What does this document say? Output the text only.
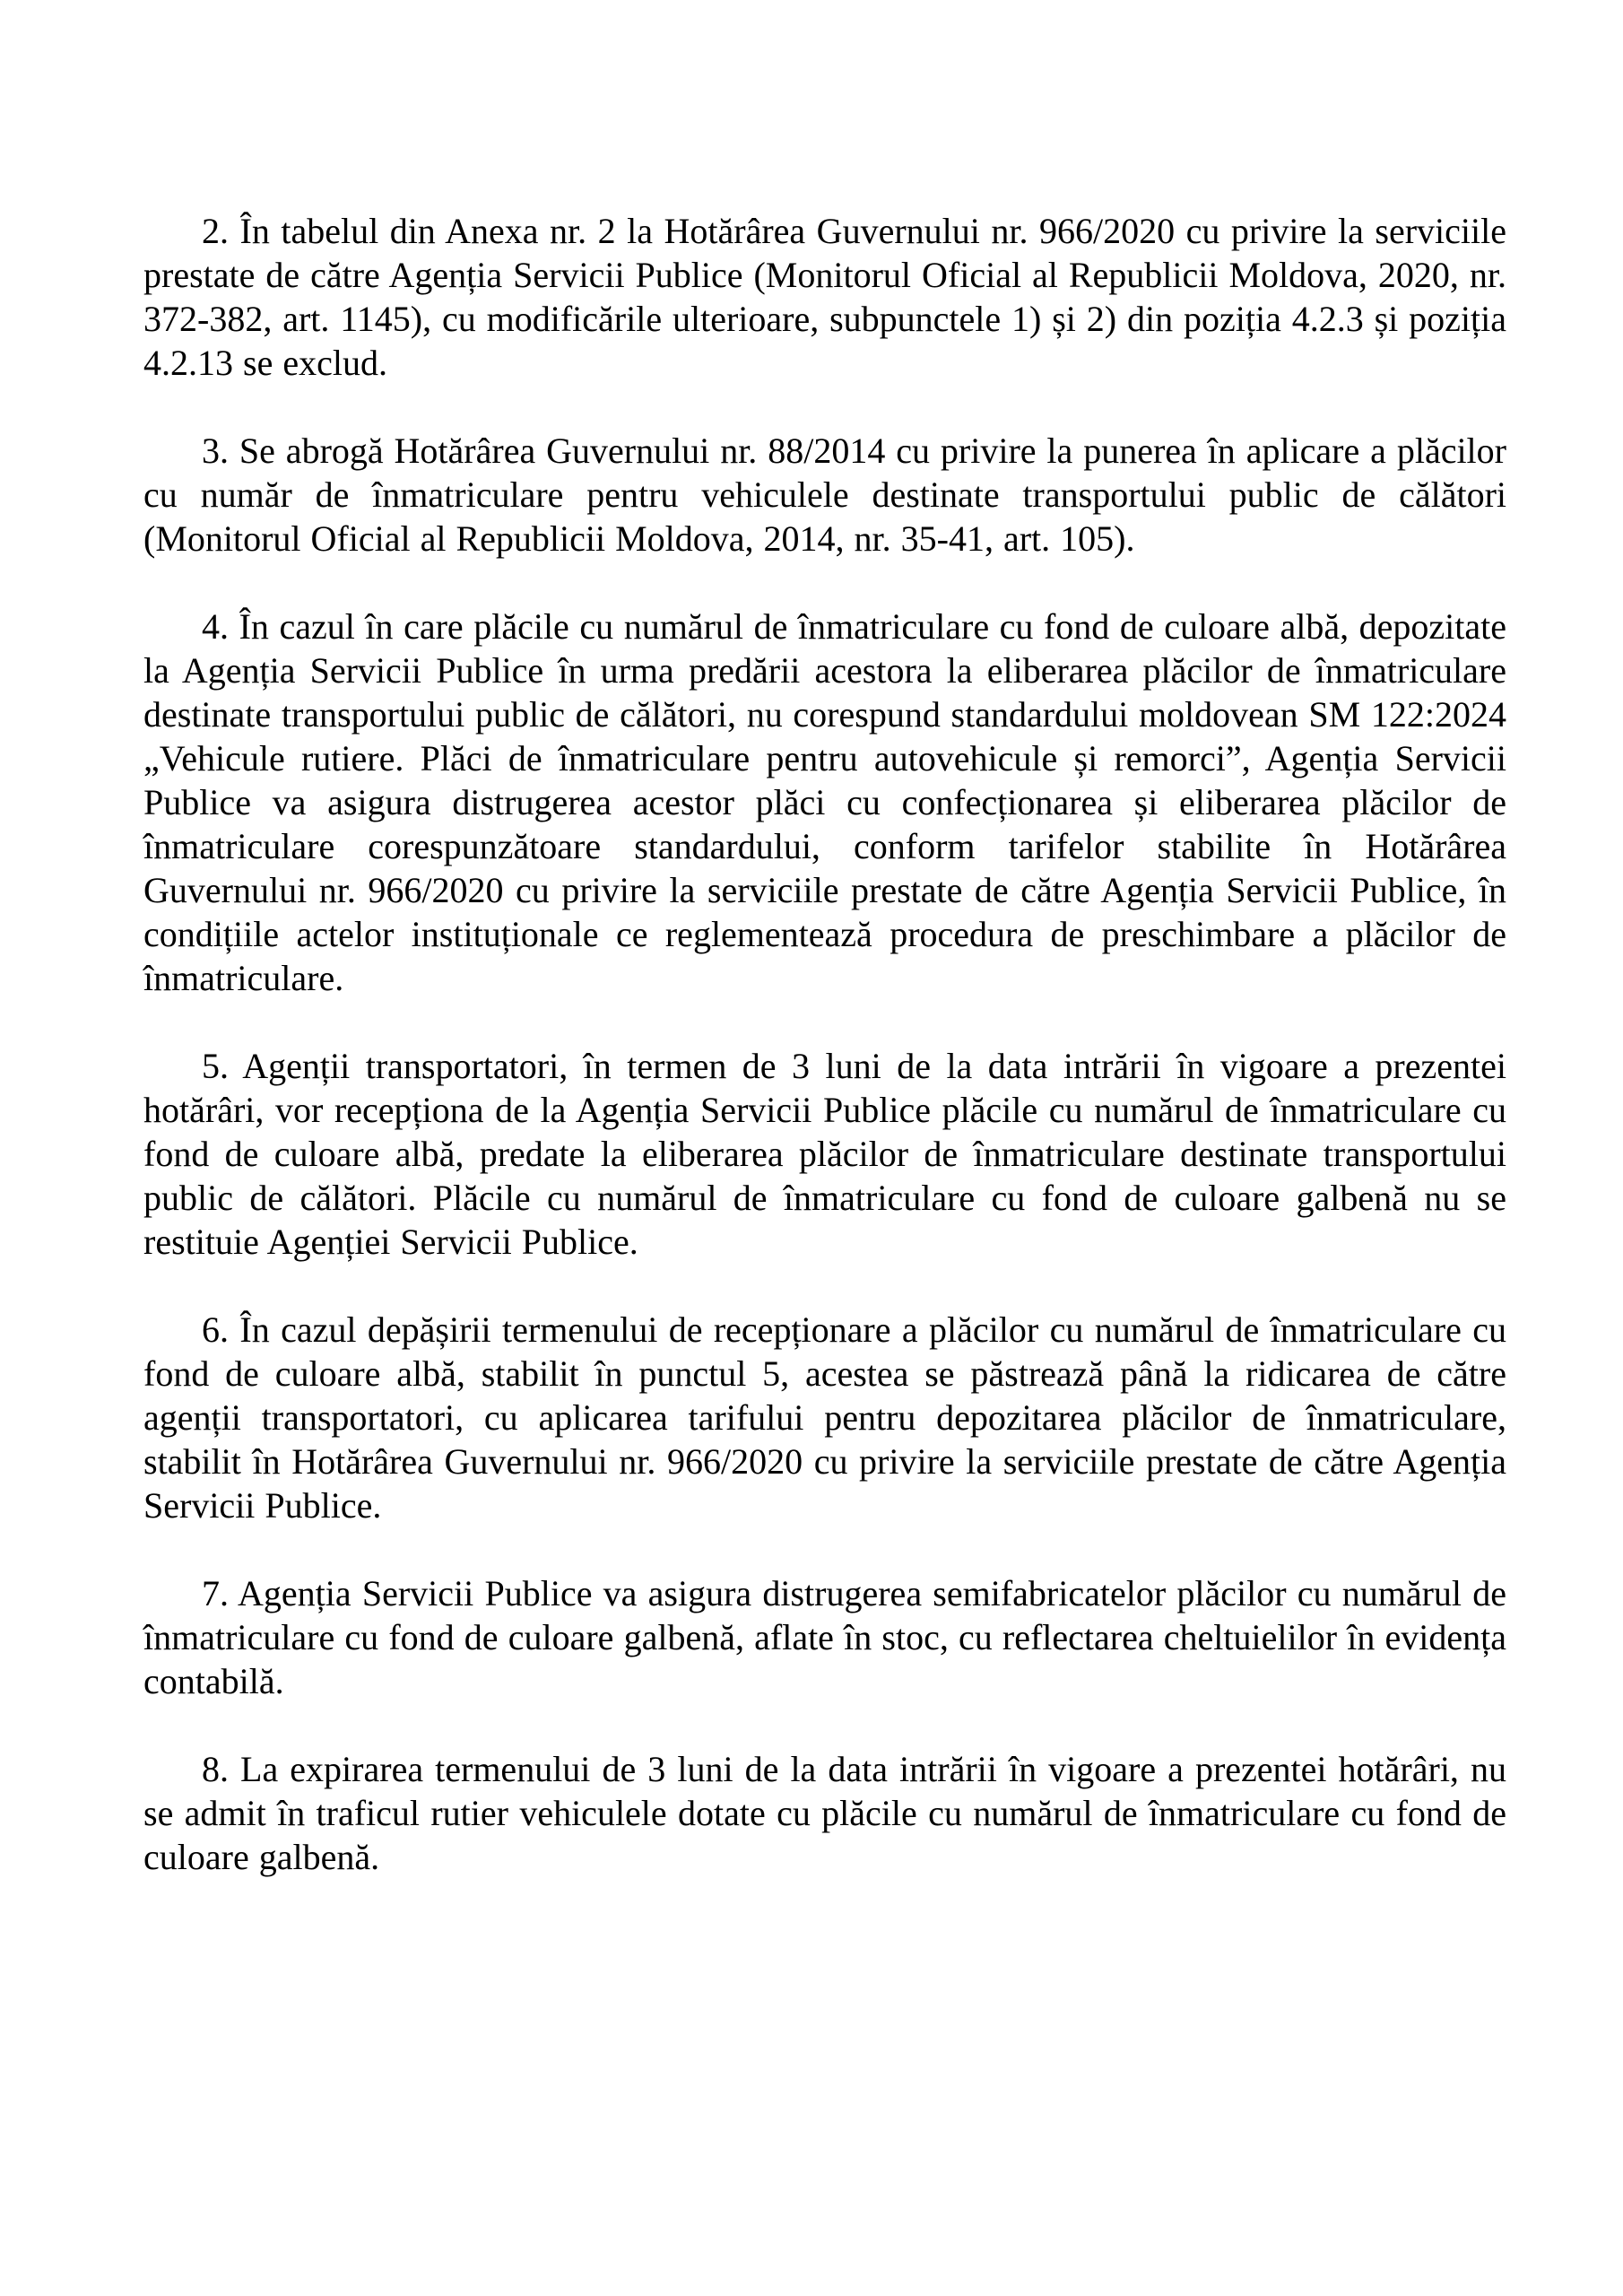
2. În tabelul din Anexa nr. 2 la Hotărârea Guvernului nr. 966/2020 cu privire la serviciile prestate de către Agenția Servicii Publice (Monitorul Oficial al Republicii Moldova, 2020, nr. 372-382, art. 1145), cu modificările ulterioare, subpunctele 1) și 2) din poziția 4.2.3 și poziția 4.2.13 se exclud.

3. Se abrogă Hotărârea Guvernului nr. 88/2014 cu privire la punerea în aplicare a plăcilor cu număr de înmatriculare pentru vehiculele destinate transportului public de călători (Monitorul Oficial al Republicii Moldova, 2014, nr. 35-41, art. 105).

4. În cazul în care plăcile cu numărul de înmatriculare cu fond de culoare albă, depozitate la Agenția Servicii Publice în urma predării acestora la eliberarea plăcilor de înmatriculare destinate transportului public de călători, nu corespund standardului moldovean SM 122:2024 „Vehicule rutiere. Plăci de înmatriculare pentru autovehicule și remorci”, Agenția Servicii Publice va asigura distrugerea acestor plăci cu confecționarea și eliberarea plăcilor de înmatriculare corespunzătoare standardului, conform tarifelor stabilite în Hotărârea Guvernului nr. 966/2020 cu privire la serviciile prestate de către Agenția Servicii Publice, în condițiile actelor instituționale ce reglementează procedura de preschimbare a plăcilor de înmatriculare.

5. Agenții transportatori, în termen de 3 luni de la data intrării în vigoare a prezentei hotărâri, vor recepționa de la Agenția Servicii Publice plăcile cu numărul de înmatriculare cu fond de culoare albă, predate la eliberarea plăcilor de înmatriculare destinate transportului public de călători. Plăcile cu numărul de înmatriculare cu fond de culoare galbenă nu se restituie Agenției Servicii Publice.

6. În cazul depășirii termenului de recepționare a plăcilor cu numărul de înmatriculare cu fond de culoare albă, stabilit în punctul 5, acestea se păstrează până la ridicarea de către agenții transportatori, cu aplicarea tarifului pentru depozitarea plăcilor de înmatriculare, stabilit în Hotărârea Guvernului nr. 966/2020 cu privire la serviciile prestate de către Agenția Servicii Publice.

7. Agenția Servicii Publice va asigura distrugerea semifabricatelor plăcilor cu numărul de înmatriculare cu fond de culoare galbenă, aflate în stoc, cu reflectarea cheltuielilor în evidența contabilă.

8. La expirarea termenului de 3 luni de la data intrării în vigoare a prezentei hotărâri, nu se admit în traficul rutier vehiculele dotate cu plăcile cu numărul de înmatriculare cu fond de culoare galbenă.
